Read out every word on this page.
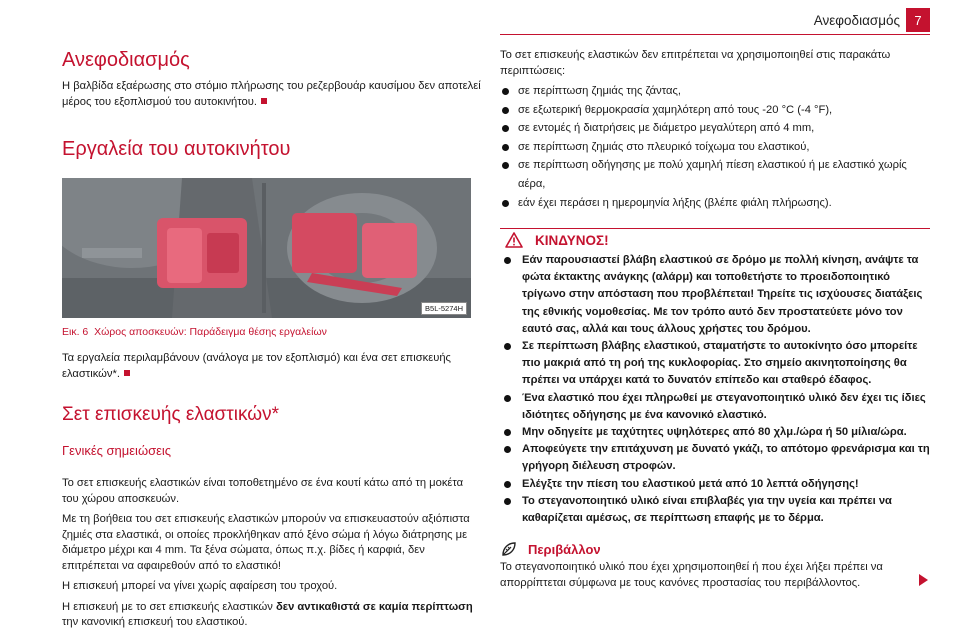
Ανεφοδιασμός	7
Ανεφοδιασμός

Η βαλβίδα εξαέρωσης στο στόμιο πλήρωσης του ρεζερβουάρ καυσίμου δεν αποτελεί μέρος του εξοπλισμού του αυτοκινήτου.

Εργαλεία του αυτοκινήτου
B5L-5274H

Εικ. 6 Χώρος αποσκευών: Παράδειγμα θέσης εργαλείων

Τα εργαλεία περιλαμβάνουν (ανάλογα με τον εξοπλισμό) και ένα σετ επισκευής ελαστικών*.

Σετ επισκευής ελαστικών*
Γενικές σημειώσεις

Το σετ επισκευής ελαστικών είναι τοποθετημένο σε ένα κουτί κάτω από τη μοκέτα του χώρου αποσκευών.

Με τη βοήθεια του σετ επισκευής ελαστικών μπορούν να επισκευαστούν αξιόπιστα ζημιές στα ελαστικά, οι οποίες προκλήθηκαν από ξένο σώμα ή λόγω διάτρησης με διάμετρο μέχρι και 4 mm. Τα ξένα σώματα, όπως π.χ. βίδες ή καρφιά, δεν επιτρέπεται να αφαιρεθούν από το ελαστικό!

Η επισκευή μπορεί να γίνει χωρίς αφαίρεση του τροχού.

Η επισκευή με το σετ επισκευής ελαστικών δεν αντικαθιστά σε καμία περίπτωση την κανονική επισκευή του ελαστικού.

Το σετ επισκευής ελαστικών δεν επιτρέπεται να χρησιμοποιηθεί στις παρακάτω περιπτώσεις:

σε περίπτωση ζημιάς της ζάντας,
σε εξωτερική θερμοκρασία χαμηλότερη από τους -20 °C (-4 °F),
σε εντομές ή διατρήσεις με διάμετρο μεγαλύτερη από 4 mm,
σε περίπτωση ζημιάς στο πλευρικό τοίχωμα του ελαστικού,
σε περίπτωση οδήγησης με πολύ χαμηλή πίεση ελαστικού ή με ελαστικό χωρίς αέρα,
εάν έχει περάσει η ημερομηνία λήξης (βλέπε φιάλη πλήρωσης).
ΚΙΝΔΥΝΟΣ!
Εάν παρουσιαστεί βλάβη ελαστικού σε δρόμο με πολλή κίνηση, ανάψτε τα φώτα έκτακτης ανάγκης (αλάρμ) και τοποθετήστε το προειδοποιητικό τρίγωνο στην απόσταση που προβλέπεται! Τηρείτε τις ισχύουσες διατάξεις της εθνικής νομοθεσίας. Με τον τρόπο αυτό δεν προστατεύετε μόνο τον εαυτό σας, αλλά και τους άλλους χρήστες του δρόμου.
Σε περίπτωση βλάβης ελαστικού, σταματήστε το αυτοκίνητο όσο μπορείτε πιο μακριά από τη ροή της κυκλοφορίας. Στο σημείο ακινητοποίησης θα πρέπει να υπάρχει κατά το δυνατόν επίπεδο και σταθερό έδαφος.
Ένα ελαστικό που έχει πληρωθεί με στεγανοποιητικό υλικό δεν έχει τις ίδιες ιδιότητες οδήγησης με ένα κανονικό ελαστικό.
Μην οδηγείτε με ταχύτητες υψηλότερες από 80 χλμ./ώρα ή 50 μίλια/ώρα.
Αποφεύγετε την επιτάχυνση με δυνατό γκάζι, το απότομο φρενάρισμα και τη γρήγορη διέλευση στροφών.
Ελέγξτε την πίεση του ελαστικού μετά από 10 λεπτά οδήγησης!
Το στεγανοποιητικό υλικό είναι επιβλαβές για την υγεία και πρέπει να καθαρίζεται αμέσως, σε περίπτωση επαφής με το δέρμα.
Περιβάλλον

Το στεγανοποιητικό υλικό που έχει χρησιμοποιηθεί ή που έχει λήξει πρέπει να απορρίπτεται σύμφωνα με τους κανόνες προστασίας του περιβάλλοντος.
